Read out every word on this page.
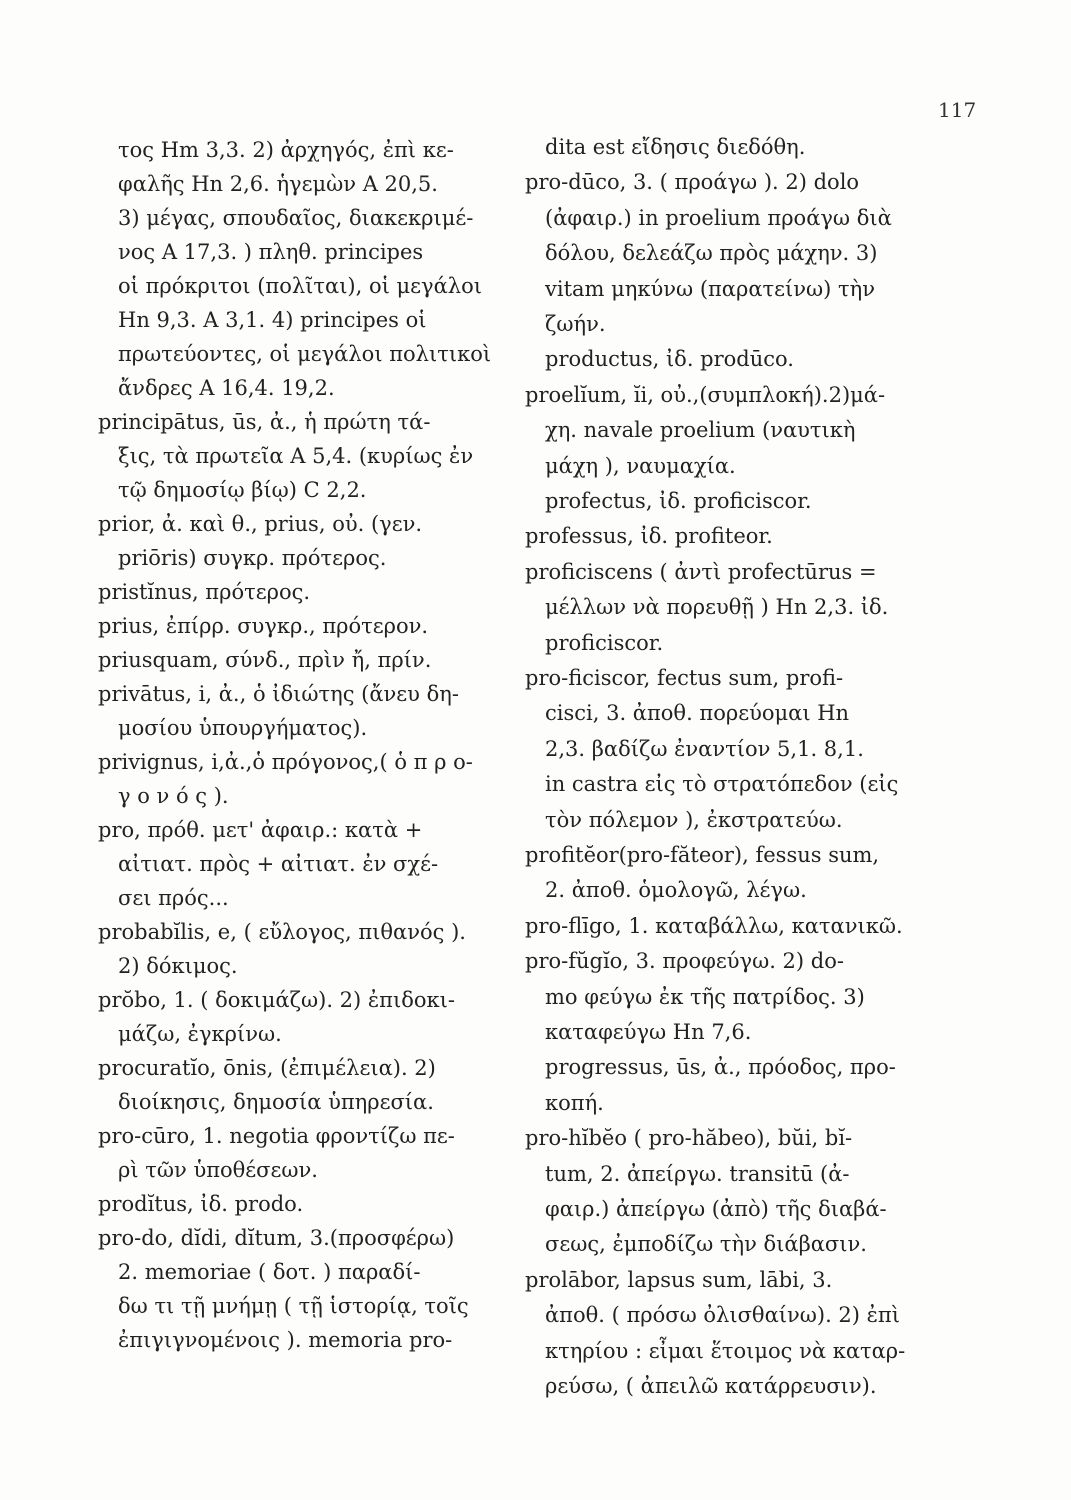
117
τος Hm 3,3. 2) ἀρχηγός, ἐπὶ κε-
φαλῆς Hn 2,6. ἡγεμὼν A 20,5.
3) μέγας, σπουδαῖος, διακεκριμέ-
νος A 17,3. ) πληθ. principes
οἱ πρόκριτοι (πολῖται), οἱ μεγάλοι
Hn 9,3. A 3,1. 4) principes οἱ
πρωτεύοντες, οἱ μεγάλοι πολιτικοὶ
ἄνδρες A 16,4. 19,2.
principātus, ūs, ἀ., ἡ πρώτη τά-
ξις, τὰ πρωτεῖα A 5,4. (κυρίως ἐν
τῷ δημοσίῳ βίῳ) C 2,2.
prior, ἀ. καὶ θ., prius, οὐ. (γεν.
priōris) συγκρ. πρότερος.
pristĭnus, πρότερος.
prius, ἐπίρρ. συγκρ., πρότερον.
priusquam, σύνδ., πρὶν ἤ, πρίν.
privātus, i, ἀ., ὁ ἰδιώτης (ἄνευ δη-
μοσίου ὑπουργήματος).
privignus, i,ἀ.,ὁ πρόγονος,( ὁ π ρ ο-
γ ο ν ό ς ).
pro, πρόθ. μετ' ἀφαιρ.: κατὰ +
αἰτιατ. πρὸς + αἰτιατ. ἐν σχέ-
σει πρός...
probabĭlis, e, ( εὔλογος, πιθανός ).
2) δόκιμος.
prŏbo, 1. ( δοκιμάζω). 2) ἐπιδοκι-
μάζω, ἐγκρίνω.
procuratĭo, ōnis, (ἐπιμέλεια). 2)
διοίκησις, δημοσία ὑπηρεσία.
pro-cūro, 1. negotia φροντίζω πε-
ρὶ τῶν ὑποθέσεων.
prodĭtus, ἰδ. prodo.
pro-do, dĭdi, dĭtum, 3.(προσφέρω)
2. memoriae ( δοτ. ) παραδί-
δω τι τῇ μνήμῃ ( τῇ ἱστορίᾳ, τοῖς
ἐπιγιγνομένοις ). memoria pro-
dita est εἴδησις διεδόθη.
pro-dūco, 3. ( προάγω ). 2) dolo
(ἀφαιρ.) in proelium προάγω διὰ
δόλου, δελεάζω πρὸς μάχην. 3)
vitam μηκύνω (παρατείνω) τὴν
ζωήν.
productus, ἰδ. prodūco.
proelĭum, ĭi, οὐ.,(συμπλοκή).2)μά-
χη. navale proelium (ναυτικὴ
μάχη ), ναυμαχία.
profectus, ἰδ. proficiscor.
professus, ἰδ. profiteor.
proficiscens ( ἀντὶ profectūrus =
μέλλων νὰ πορευθῇ ) Hn 2,3. ἰδ.
proficiscor.
pro-ficiscor, fectus sum, profi-
cisci, 3. ἀποθ. πορεύομαι Hn
2,3. βαδίζω ἐναντίον 5,1. 8,1.
in castra εἰς τὸ στρατόπεδον (εἰς
τὸν πόλεμον ), ἐκστρατεύω.
profitĕor(pro-făteor), fessus sum,
2. ἀποθ. ὁμολογῶ, λέγω.
pro-flīgo, 1. καταβάλλω, κατανικῶ.
pro-fŭgĭo, 3. προφεύγω. 2) do-
mo φεύγω ἐκ τῆς πατρίδος. 3)
καταφεύγω Hn 7,6.
progressus, ūs, ἀ., πρόοδος, προ-
κοπή.
pro-hĭbĕo ( pro-hăbeo), bŭi, bĭ-
tum, 2. ἀπείργω. transitū (ἀ-
φαιρ.) ἀπείργω (ἀπὸ) τῆς διαβά-
σεως, ἐμποδίζω τὴν διάβασιν.
prolābor, lapsus sum, lābi, 3.
ἀποθ. ( πρόσω ὀλισθαίνω). 2) ἐπὶ
κτηρίου : εἶμαι ἕτοιμος νὰ καταρ-
ρεύσω, ( ἀπειλῶ κατάρρευσιν).
